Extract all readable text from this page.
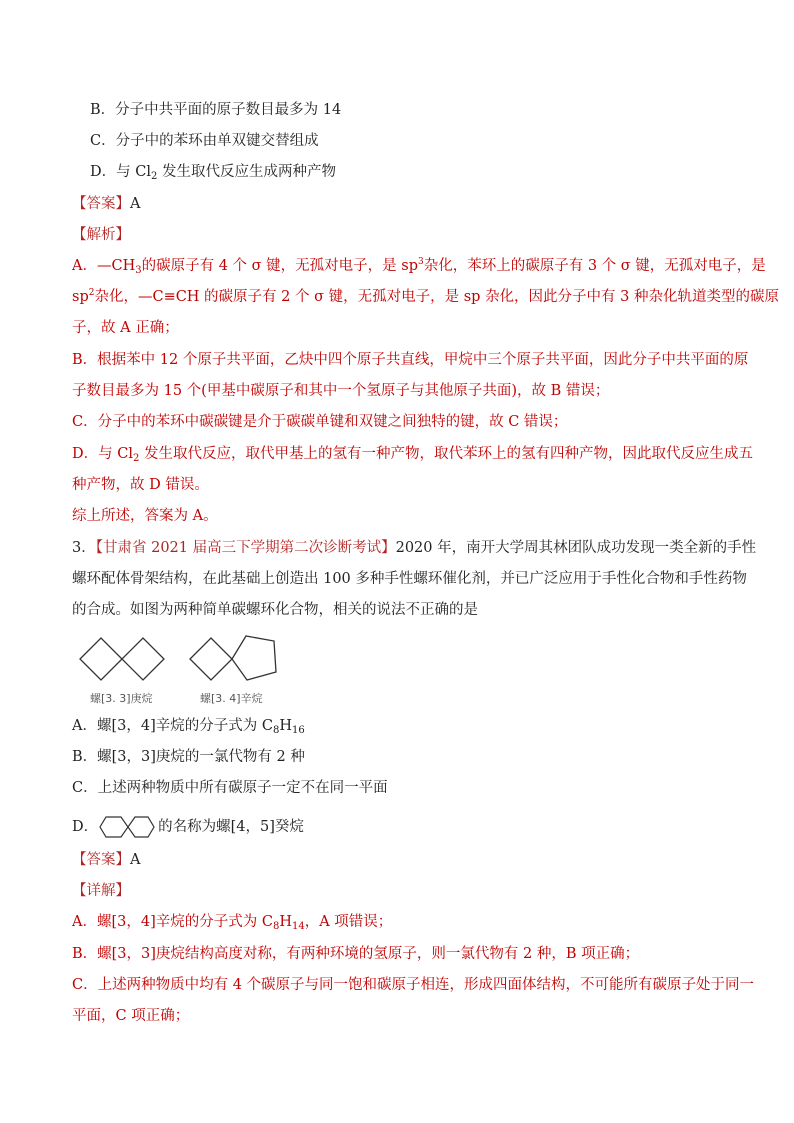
B．分子中共平面的原子数目最多为 14
C．分子中的苯环由单双键交替组成
D．与 $Cl_2$ 发生取代反应生成两种产物
【答案】A
【解析】
A．$—CH_3$的碳原子有 4 个 σ 键，无孤对电子，是 $sp^3$杂化，苯环上的碳原子有 3 个 σ 键，无孤对电子，是
$sp^2$杂化，—C≡CH 的碳原子有 2 个 σ 键，无孤对电子，是 sp 杂化，因此分子中有 3 种杂化轨道类型的碳原
子，故 A 正确；
B．根据苯中 12 个原子共平面，乙炔中四个原子共直线，甲烷中三个原子共平面，因此分子中共平面的原
子数目最多为 15 个(甲基中碳原子和其中一个氢原子与其他原子共面)，故 B 错误；
C．分子中的苯环中碳碳键是介于碳碳单键和双键之间独特的键，故 C 错误；
D．与 $Cl_2$ 发生取代反应，取代甲基上的氢有一种产物，取代苯环上的氢有四种产物，因此取代反应生成五
种产物，故 D 错误。
综上所述，答案为 A。
3．【甘肃省 2021 届高三下学期第二次诊断考试】2020 年，南开大学周其林团队成功发现一类全新的手性
螺环配体骨架结构，在此基础上创造出 100 多种手性螺环催化剂，并已广泛应用于手性化合物和手性药物
的合成。如图为两种简单碳螺环化合物，相关的说法不正确的是
螺[3. 3]庚烷	螺[3. 4]辛烷
A．螺[3，4]辛烷的分子式为 $C_8H_{16}$
B．螺[3，3]庚烷的一氯代物有 2 种
C．上述两种物质中所有碳原子一定不在同一平面
D．	的名称为螺[4，5]癸烷
【答案】A
【详解】
A．螺[3，4]辛烷的分子式为 $C_8H_{14}$，A 项错误；
B．螺[3，3]庚烷结构高度对称，有两种环境的氢原子，则一氯代物有 2 种，B 项正确；
C．上述两种物质中均有 4 个碳原子与同一饱和碳原子相连，形成四面体结构，不可能所有碳原子处于同一
平面，C 项正确；
